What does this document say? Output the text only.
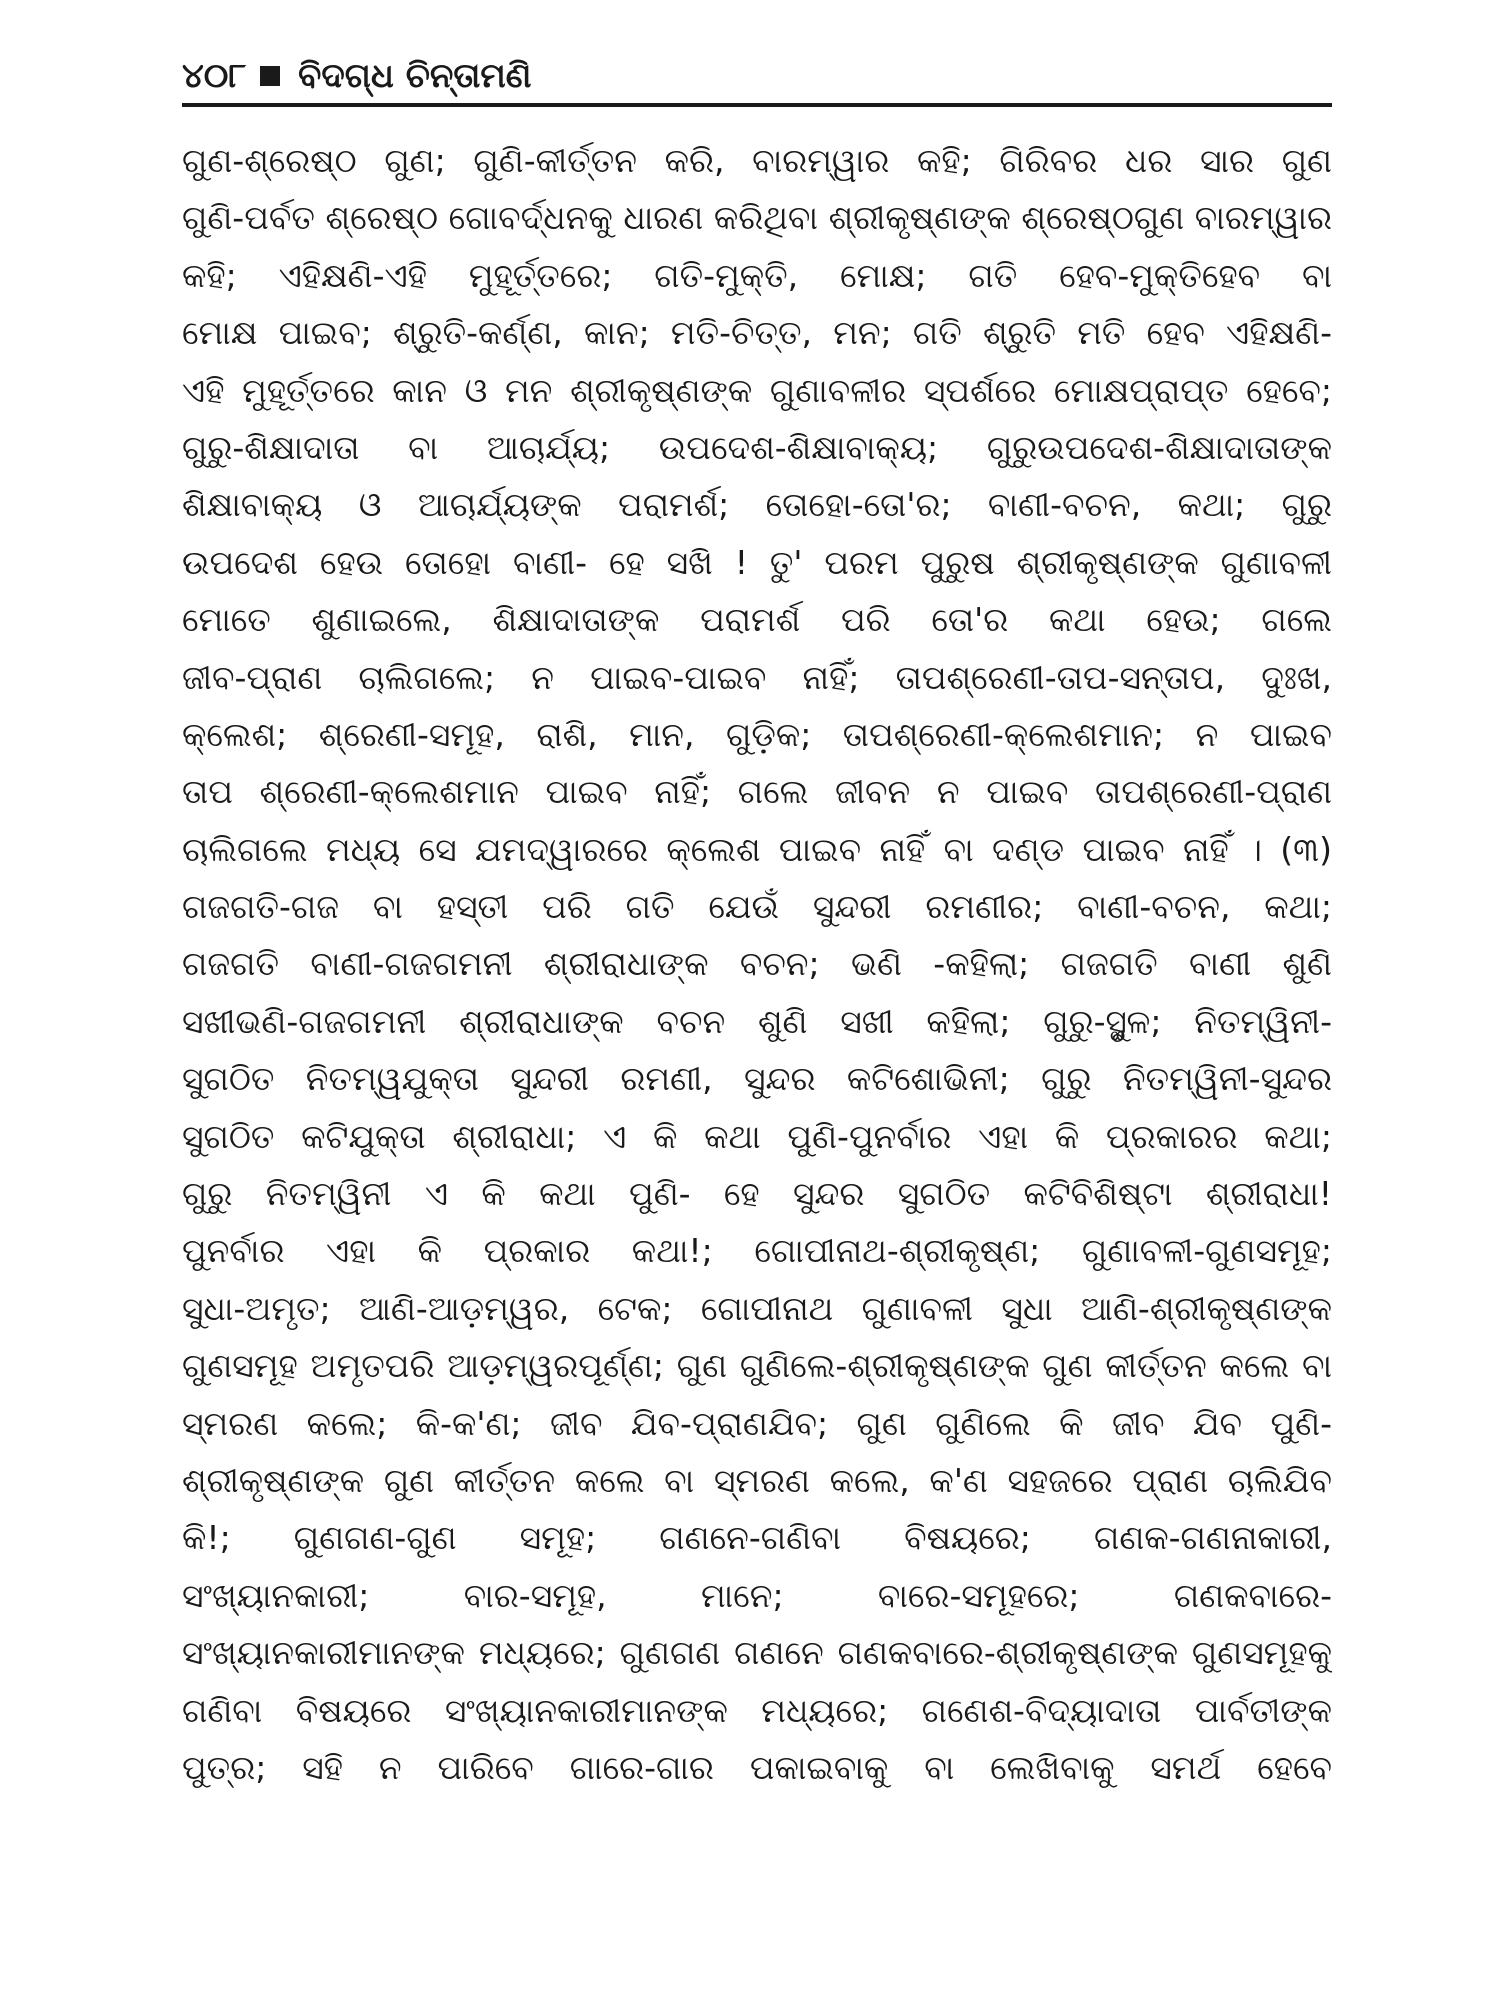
୪୦୮ ବିଦଗ୍ଧ ଚିନ୍ତାମଣି
ଗୁଣ-ଶ୍ରେଷ୍ଠ ଗୁଣ; ଗୁଣି-କୀର୍ତ୍ତନ କରି, ବାରମ୍ୱାର କହି; ଗିରିବର ଧର ସାର ଗୁଣ
ଗୁଣି-ପର୍ବତ ଶ୍ରେଷ୍ଠ ଗୋବର୍ଦ୍ଧନକୁ ଧାରଣ କରିଥିବା ଶ୍ରୀକୃଷ୍ଣଙ୍କ ଶ୍ରେଷ୍ଠଗୁଣ ବାରମ୍ୱାର
କହି; ଏହିକ୍ଷଣି-ଏହି ମୁହୂର୍ତ୍ତରେ; ଗତି-ମୁକ୍ତି, ମୋକ୍ଷ; ଗତି ହେବ-ମୁକ୍ତିହେବ ବା
ମୋକ୍ଷ ପାଇବ; ଶ୍ରୁତି-କର୍ଣ୍ଣ, କାନ; ମତି-ଚିତ୍ତ, ମନ; ଗତି ଶ୍ରୁତି ମତି ହେବ ଏହିକ୍ଷଣି-
ଏହି ମୁହୂର୍ତ୍ତରେ କାନ ଓ ମନ ଶ୍ରୀକୃଷ୍ଣଙ୍କ ଗୁଣାବଳୀର ସ୍ପର୍ଶରେ ମୋକ୍ଷପ୍ରାପ୍ତ ହେବେ;
ଗୁରୁ-ଶିକ୍ଷାଦାତା ବା ଆଚାର୍ଯ୍ୟ; ଉପଦେଶ-ଶିକ୍ଷାବାକ୍ୟ; ଗୁରୁଉପଦେଶ-ଶିକ୍ଷାଦାତାଙ୍କ
ଶିକ୍ଷାବାକ୍ୟ ଓ ଆଚାର୍ଯ୍ୟଙ୍କ ପରାମର୍ଶ; ତୋହୋ-ତୋ'ର; ବାଣୀ-ବଚନ, କଥା; ଗୁରୁ
ଉପଦେଶ ହେଉ ତୋହୋ ବାଣୀ- ହେ ସଖି ! ତୁ' ପରମ ପୁରୁଷ ଶ୍ରୀକୃଷ୍ଣଙ୍କ ଗୁଣାବଳୀ
ମୋତେ ଶୁଣାଇଲେ, ଶିକ୍ଷାଦାତାଙ୍କ ପରାମର୍ଶ ପରି ତୋ'ର କଥା ହେଉ; ଗଲେ
ଜୀବ-ପ୍ରାଣ ଚାଲିଗଲେ; ନ ପାଇବ-ପାଇବ ନାହିଁ; ତାପଶ୍ରେଣୀ-ତାପ-ସନ୍ତାପ, ଦୁଃଖ,
କ୍ଲେଶ; ଶ୍ରେଣୀ-ସମୂହ, ରାଶି, ମାନ, ଗୁଡ଼ିକ; ତାପଶ୍ରେଣୀ-କ୍ଲେଶମାନ; ନ ପାଇବ
ତାପ ଶ୍ରେଣୀ-କ୍ଲେଶମାନ ପାଇବ ନାହିଁ; ଗଲେ ଜୀବନ ନ ପାଇବ ତାପଶ୍ରେଣୀ-ପ୍ରାଣ
ଚାଲିଗଲେ ମଧ୍ୟ ସେ ଯମଦ୍ୱାରରେ କ୍ଲେଶ ପାଇବ ନାହିଁ ବା ଦଣ୍ଡ ପାଇବ ନାହିଁ । (୩)
ଗଜଗତି-ଗଜ ବା ହସ୍ତୀ ପରି ଗତି ଯେଉଁ ସୁନ୍ଦରୀ ରମଣୀର; ବାଣୀ-ବଚନ, କଥା;
ଗଜଗତି ବାଣୀ-ଗଜଗମନୀ ଶ୍ରୀରାଧାଙ୍କ ବଚନ; ଭଣି -କହିଲା; ଗଜଗତି ବାଣୀ ଶୁଣି
ସଖୀଭଣି-ଗଜଗମନୀ ଶ୍ରୀରାଧାଙ୍କ ବଚନ ଶୁଣି ସଖୀ କହିଲା; ଗୁରୁ-ସ୍ଥୁଳ; ନିତମ୍ୱିନୀ-
ସୁଗଠିତ ନିତମ୍ୱଯୁକ୍ତା ସୁନ୍ଦରୀ ରମଣୀ, ସୁନ୍ଦର କଟିଶୋଭିନୀ; ଗୁରୁ ନିତମ୍ୱିନୀ-ସୁନ୍ଦର
ସୁଗଠିତ କଟିଯୁକ୍ତା ଶ୍ରୀରାଧା; ଏ କି କଥା ପୁଣି-ପୁନର୍ବାର ଏହା କି ପ୍ରକାରର କଥା;
ଗୁରୁ ନିତମ୍ୱିନୀ ଏ କି କଥା ପୁଣି- ହେ ସୁନ୍ଦର ସୁଗଠିତ କଟିବିଶିଷ୍ଟା ଶ୍ରୀରାଧା!
ପୁନର୍ବାର ଏହା କି ପ୍ରକାର କଥା!; ଗୋପୀନାଥ-ଶ୍ରୀକୃଷ୍ଣ; ଗୁଣାବଳୀ-ଗୁଣସମୂହ;
ସୁଧା-ଅମୃତ; ଆଣି-ଆଡ଼ମ୍ୱର, ଟେକ; ଗୋପୀନାଥ ଗୁଣାବଳୀ ସୁଧା ଆଣି-ଶ୍ରୀକୃଷ୍ଣଙ୍କ
ଗୁଣସମୂହ ଅମୃତପରି ଆଡ଼ମ୍ୱରପୂର୍ଣ୍ଣ; ଗୁଣ ଗୁଣିଲେ-ଶ୍ରୀକୃଷ୍ଣଙ୍କ ଗୁଣ କୀର୍ତ୍ତନ କଲେ ବା
ସ୍ମରଣ କଲେ; କି-କ'ଣ; ଜୀବ ଯିବ-ପ୍ରାଣଯିବ; ଗୁଣ ଗୁଣିଲେ କି ଜୀବ ଯିବ ପୁଣି-
ଶ୍ରୀକୃଷ୍ଣଙ୍କ ଗୁଣ କୀର୍ତ୍ତନ କଲେ ବା ସ୍ମରଣ କଲେ, କ'ଣ ସହଜରେ ପ୍ରାଣ ଚାଲିଯିବ
କି!; ଗୁଣଗଣ-ଗୁଣ ସମୂହ; ଗଣନେ-ଗଣିବା ବିଷୟରେ; ଗଣକ-ଗଣନାକାରୀ,
ସଂଖ୍ୟାନକାରୀ; ବାର-ସମୂହ, ମାନେ; ବାରେ-ସମୂହରେ; ଗଣକବାରେ-
ସଂଖ୍ୟାନକାରୀମାନଙ୍କ ମଧ୍ୟରେ; ଗୁଣଗଣ ଗଣନେ ଗଣକବାରେ-ଶ୍ରୀକୃଷ୍ଣଙ୍କ ଗୁଣସମୂହକୁ
ଗଣିବା ବିଷୟରେ ସଂଖ୍ୟାନକାରୀମାନଙ୍କ ମଧ୍ୟରେ; ଗଣେଶ-ବିଦ୍ୟାଦାତା ପାର୍ବତୀଙ୍କ
ପୁତ୍ର; ସହି ନ ପାରିବେ ଗାରେ-ଗାର ପକାଇବାକୁ ବା ଲେଖିବାକୁ ସମର୍ଥ ହେବେ
